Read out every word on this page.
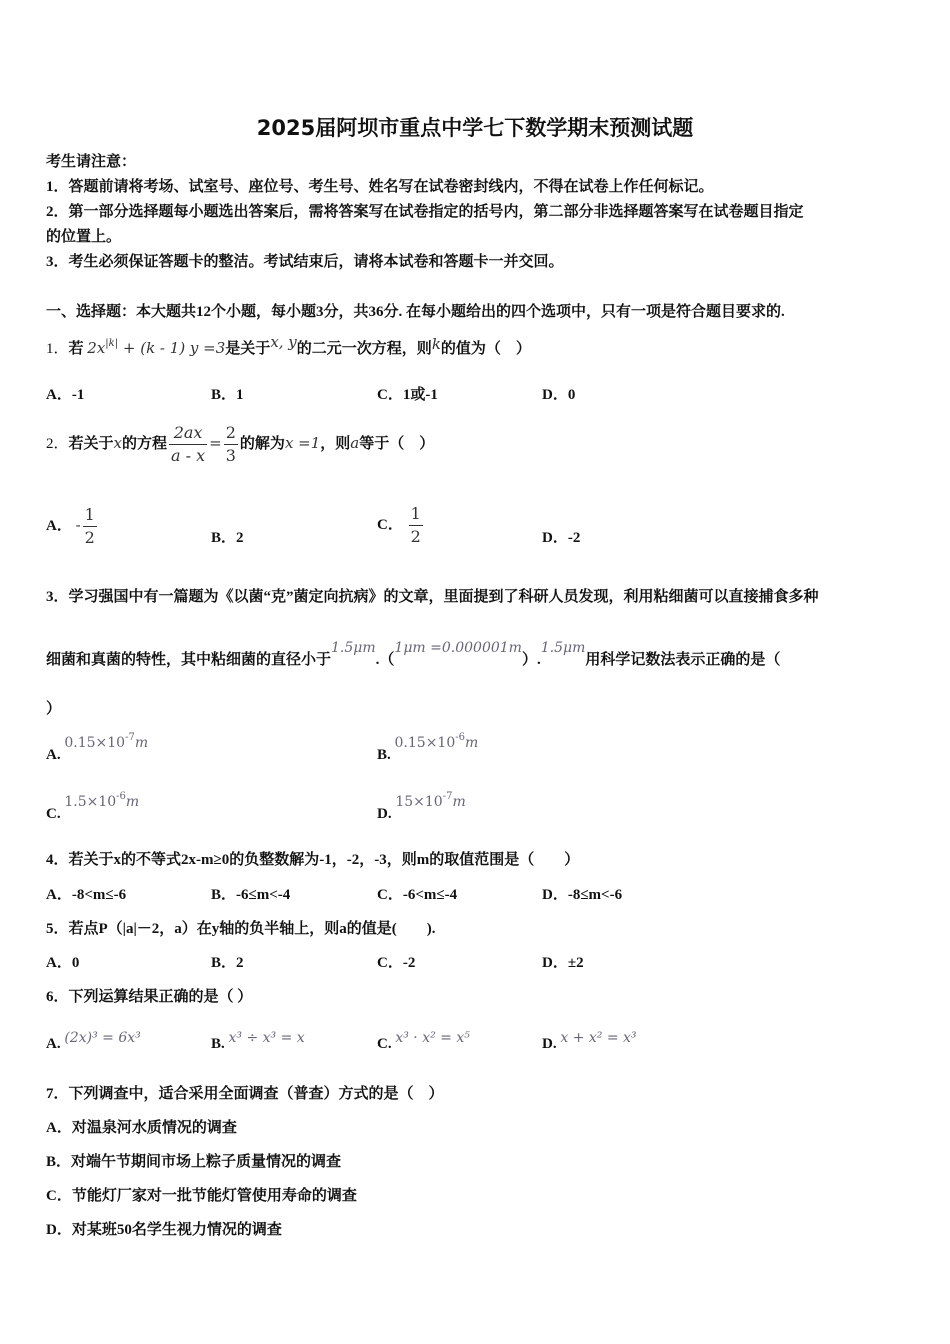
2025届阿坝市重点中学七下数学期末预测试题
考生请注意：
1．答题前请将考场、试室号、座位号、考生号、姓名写在试卷密封线内，不得在试卷上作任何标记。
2．第一部分选择题每小题选出答案后，需将答案写在试卷指定的括号内，第二部分非选择题答案写在试卷题目指定
的位置上。
3．考生必须保证答题卡的整洁。考试结束后，请将本试卷和答题卡一并交回。
一、选择题：本大题共12个小题，每小题3分，共36分. 在每小题给出的四个选项中，只有一项是符合题目要求的.
1．若 $2x^{|k|} + (k - 1)$ y =3是关于x, y的二元一次方程，则k的值为（　）
A．-1	B．1	C．1或-1	D．0
2．若关于x的方程 $\frac{2ax}{a - x} = \frac{2}{3}$ 的解为x =1，则a等于（　）
A． - $\frac{1}{2}$	B．2
C． $\frac{1}{2}$	D．-2
3．学习强国中有一篇题为《以菌“克”菌定向抗病》的文章，里面提到了科研人员发现，利用粘细菌可以直接捕食多种
细菌和真菌的特性，其中粘细菌的直径小于1.5μm.（1μm =0.000001m）.1.5μm用科学记数法表示正确的是（
）
A. $0.15\times 10^{-7}m$
B. $0.15\times 10^{-6}m$
C. $1.5\times 10^{-6}m$
D. $15\times 10^{-7}m$
4．若关于x的不等式2x-m≥0的负整数解为-1，-2，-3，则m的取值范围是（　　）
A．-8<m≤-6	B．-6≤m<-4	C．-6<m≤-4	D．-8≤m<-6
5．若点P（|a|－2，a）在y轴的负半轴上，则a的值是(　　).
A．0	B．2	C．-2	D．±2
6．下列运算结果正确的是（ ）
A. (2x)³ = 6x³	B. x³ ÷ x³ = x	C. x³ · x² = x⁵	D. x + x² = x³
7．下列调查中，适合采用全面调查（普查）方式的是（　）
A．对温泉河水质情况的调查
B．对端午节期间市场上粽子质量情况的调查
C．节能灯厂家对一批节能灯管使用寿命的调查
D．对某班50名学生视力情况的调查
